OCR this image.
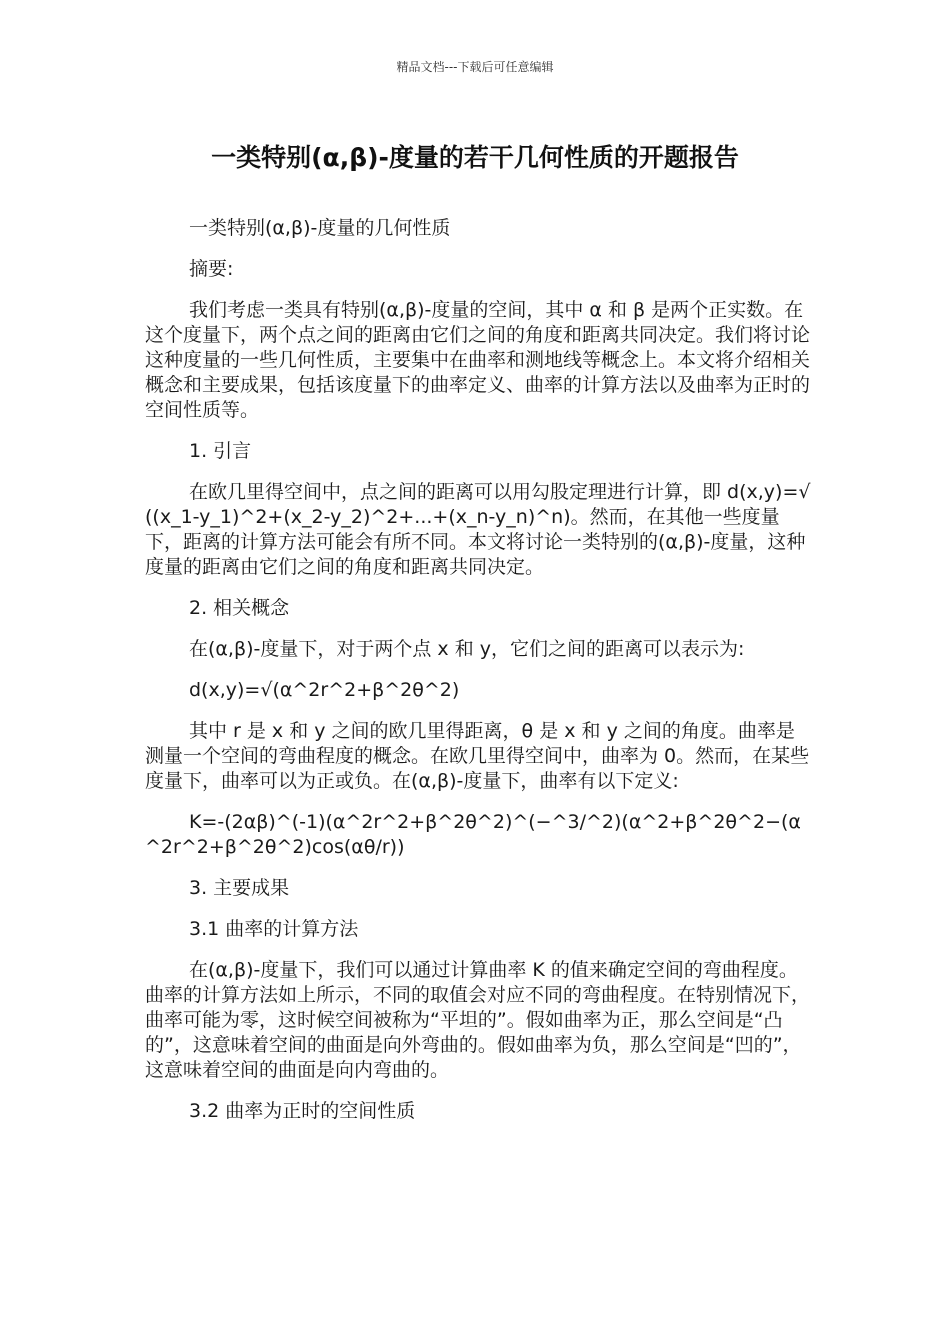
精品文档---下载后可任意编辑
一类特别(α,β)-度量的若干几何性质的开题报告

一类特别(α,β)-度量的几何性质

摘要:

我们考虑一类具有特别(α,β)-度量的空间，其中 α 和 β 是两个正实数。在这个度量下，两个点之间的距离由它们之间的角度和距离共同决定。我们将讨论这种度量的一些几何性质，主要集中在曲率和测地线等概念上。本文将介绍相关概念和主要成果，包括该度量下的曲率定义、曲率的计算方法以及曲率为正时的空间性质等。

1. 引言

在欧几里得空间中，点之间的距离可以用勾股定理进行计算，即 d(x,y)=√((x_1-y_1)^2+(x_2-y_2)^2+...+(x_n-y_n)^n)。然而，在其他一些度量下，距离的计算方法可能会有所不同。本文将讨论一类特别的(α,β)-度量，这种度量的距离由它们之间的角度和距离共同决定。

2. 相关概念

在(α,β)-度量下，对于两个点 x 和 y，它们之间的距离可以表示为:

d(x,y)=√(α^2r^2+β^2θ^2)

其中 r 是 x 和 y 之间的欧几里得距离，θ 是 x 和 y 之间的角度。曲率是测量一个空间的弯曲程度的概念。在欧几里得空间中，曲率为 0。然而，在某些度量下，曲率可以为正或负。在(α,β)-度量下，曲率有以下定义:

K=-(2αβ)^(-1)(α^2r^2+β^2θ^2)^(−^3/^2)(α^2+β^2θ^2−(α^2r^2+β^2θ^2)cos(αθ/r))

3. 主要成果

3.1 曲率的计算方法

在(α,β)-度量下，我们可以通过计算曲率 K 的值来确定空间的弯曲程度。曲率的计算方法如上所示，不同的取值会对应不同的弯曲程度。在特别情况下，曲率可能为零，这时候空间被称为“平坦的”。假如曲率为正，那么空间是“凸的”，这意味着空间的曲面是向外弯曲的。假如曲率为负，那么空间是“凹的”，这意味着空间的曲面是向内弯曲的。

3.2 曲率为正时的空间性质
